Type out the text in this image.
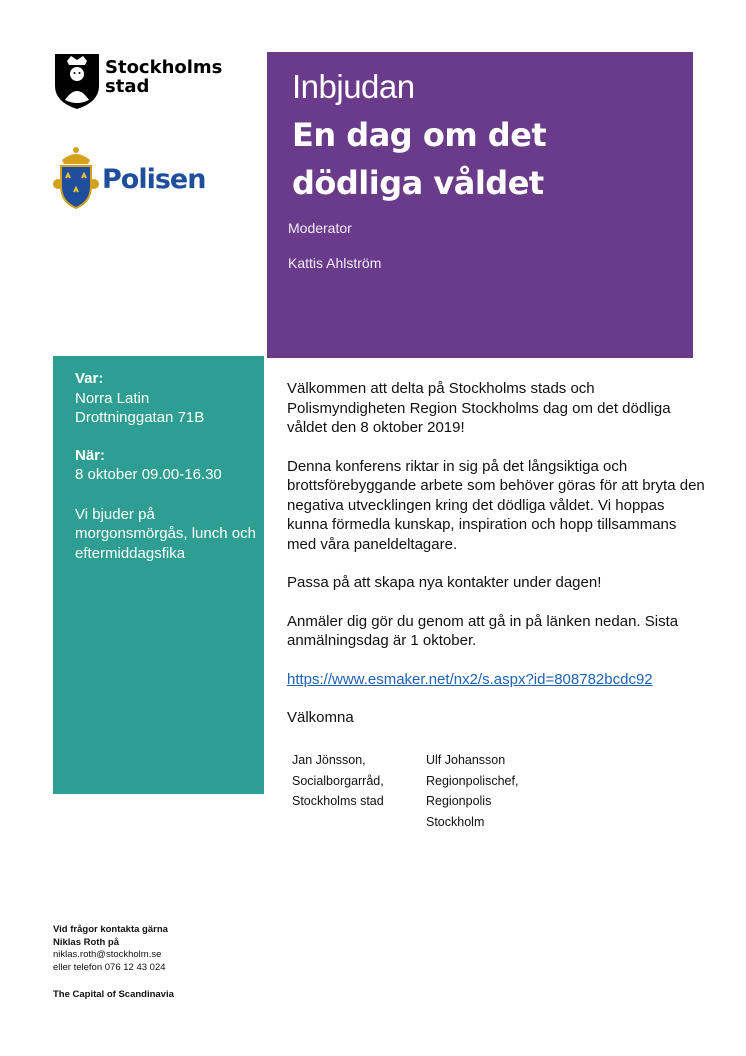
Stockholms
stad
Polisen
Inbjudan
En dag om det dödliga våldet
Moderator
Kattis Ahlström
Var:
Norra Latin
Drottninggatan 71B
När:
8 oktober 09.00-16.30
Vi bjuder på morgonsmörgås, lunch och eftermiddagsfika

Välkommen att delta på Stockholms stads och Polismyndigheten Region Stockholms dag om det dödliga våldet den 8 oktober 2019!

Denna konferens riktar in sig på det långsiktiga och brottsförebyggande arbete som behöver göras för att bryta den negativa utvecklingen kring det dödliga våldet. Vi hoppas kunna förmedla kunskap, inspiration och hopp tillsammans med våra paneldeltagare.

Passa på att skapa nya kontakter under dagen!

Anmäler dig gör du genom att gå in på länken nedan. Sista anmälningsdag är 1 oktober.

https://www.esmaker.net/nx2/s.aspx?id=808782bcdc92

Välkomna

Jan Jönsson,
Socialborgarråd,
Stockholms stad
Ulf Johansson
Regionpolischef,
Regionpolis
Stockholm
Vid frågor kontakta gärna
Niklas Roth på
niklas.roth@stockholm.se
eller telefon 076 12 43 024
The Capital of Scandinavia
